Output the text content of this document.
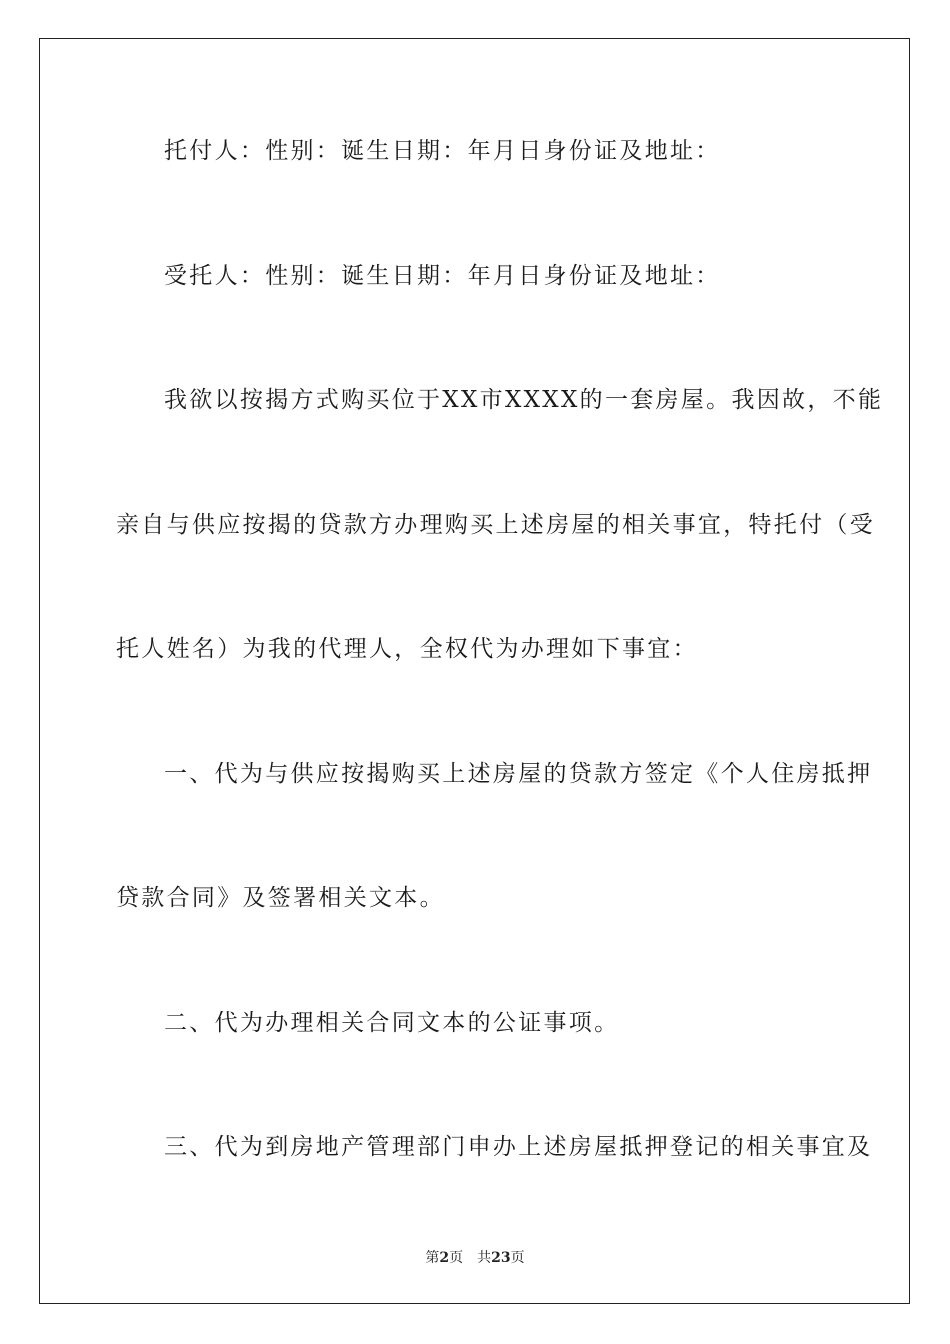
托付人：性别：诞生日期：年月日身份证及地址：
受托人：性别：诞生日期：年月日身份证及地址：
我欲以按揭方式购买位于XX市XXXX的一套房屋。我因故，不能
亲自与供应按揭的贷款方办理购买上述房屋的相关事宜，特托付（受
托人姓名）为我的代理人，全权代为办理如下事宜：
一、代为与供应按揭购买上述房屋的贷款方签定《个人住房抵押
贷款合同》及签署相关文本。
二、代为办理相关合同文本的公证事项。
三、代为到房地产管理部门申办上述房屋抵押登记的相关事宜及
第2页 共23页
